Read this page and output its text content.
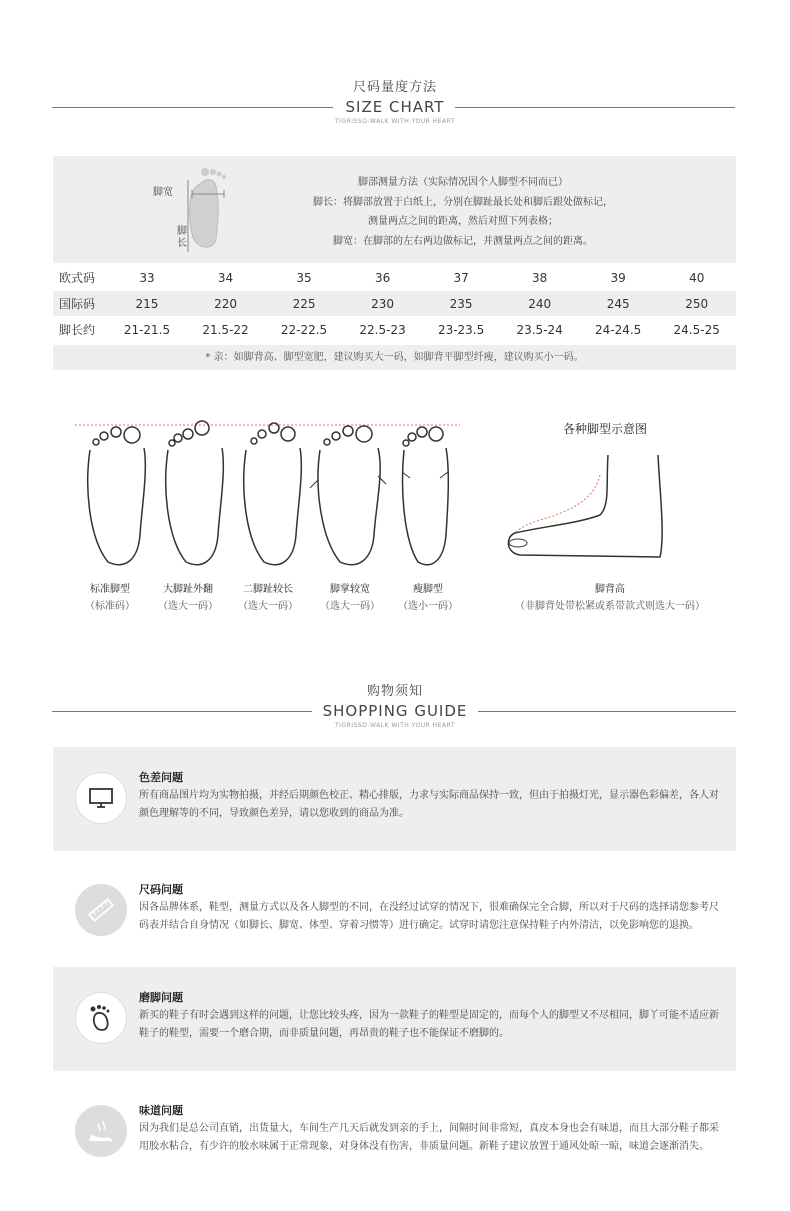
尺码量度方法
SIZE CHART
TIGRISSO-WALK WITH YOUR HEART
脚宽
脚长
脚部测量方法（实际情况因个人脚型不同而已）
脚长：将脚部放置于白纸上，分别在脚趾最长处和脚后跟处做标记，
测量两点之间的距离，然后对照下列表格；
脚宽：在脚部的左右两边做标记，并测量两点之间的距离。
欧式码	33	34	35	36	37	38	39	40
国际码	215	220	225	230	235	240	245	250
脚长约	21-21.5	21.5-22	22-22.5	22.5-23	23-23.5	23.5-24	24-24.5	24.5-25
* 亲：如脚背高、脚型宽肥，建议购买大一码，如脚背平脚型纤瘦，建议购买小一码。
标准脚型
（标准码）
大脚趾外翻
（选大一码）
二脚趾较长
（选大一码）
脚掌较宽
（选大一码）
瘦脚型
（选小一码）
各种脚型示意图
脚背高
（非脚背处带松紧或系带款式则选大一码）
购物须知
SHOPPING GUIDE
TIGRISSO-WALK WITH YOUR HEART
色差问题
所有商品图片均为实物拍摄，并经后期颜色校正、精心排版，力求与实际商品保持一致，但由于拍摄灯光，显示器色彩偏差，各人对颜色理解等的不同，导致颜色差异，请以您收到的商品为准。
尺码问题
因各品牌体系，鞋型，测量方式以及各人脚型的不同，在没经过试穿的情况下，很难确保完全合脚，所以对于尺码的选择请您参考尺码表并结合自身情况（如脚长、脚宽、体型、穿着习惯等）进行确定。试穿时请您注意保持鞋子内外清洁，以免影响您的退换。
磨脚问题
新买的鞋子有时会遇到这样的问题，让您比较头疼，因为一款鞋子的鞋型是固定的，而每个人的脚型又不尽相同，脚丫可能不适应新鞋子的鞋型，需要一个磨合期，而非质量问题，再昂贵的鞋子也不能保证不磨脚的。
味道问题
因为我们是总公司直销，出货量大，车间生产几天后就发到亲的手上，间隔时间非常短，真皮本身也会有味道，而且大部分鞋子都采用胶水粘合，有少许的胶水味属于正常现象，对身体没有伤害，非质量问题。新鞋子建议放置于通风处晾一晾，味道会逐渐消失。
